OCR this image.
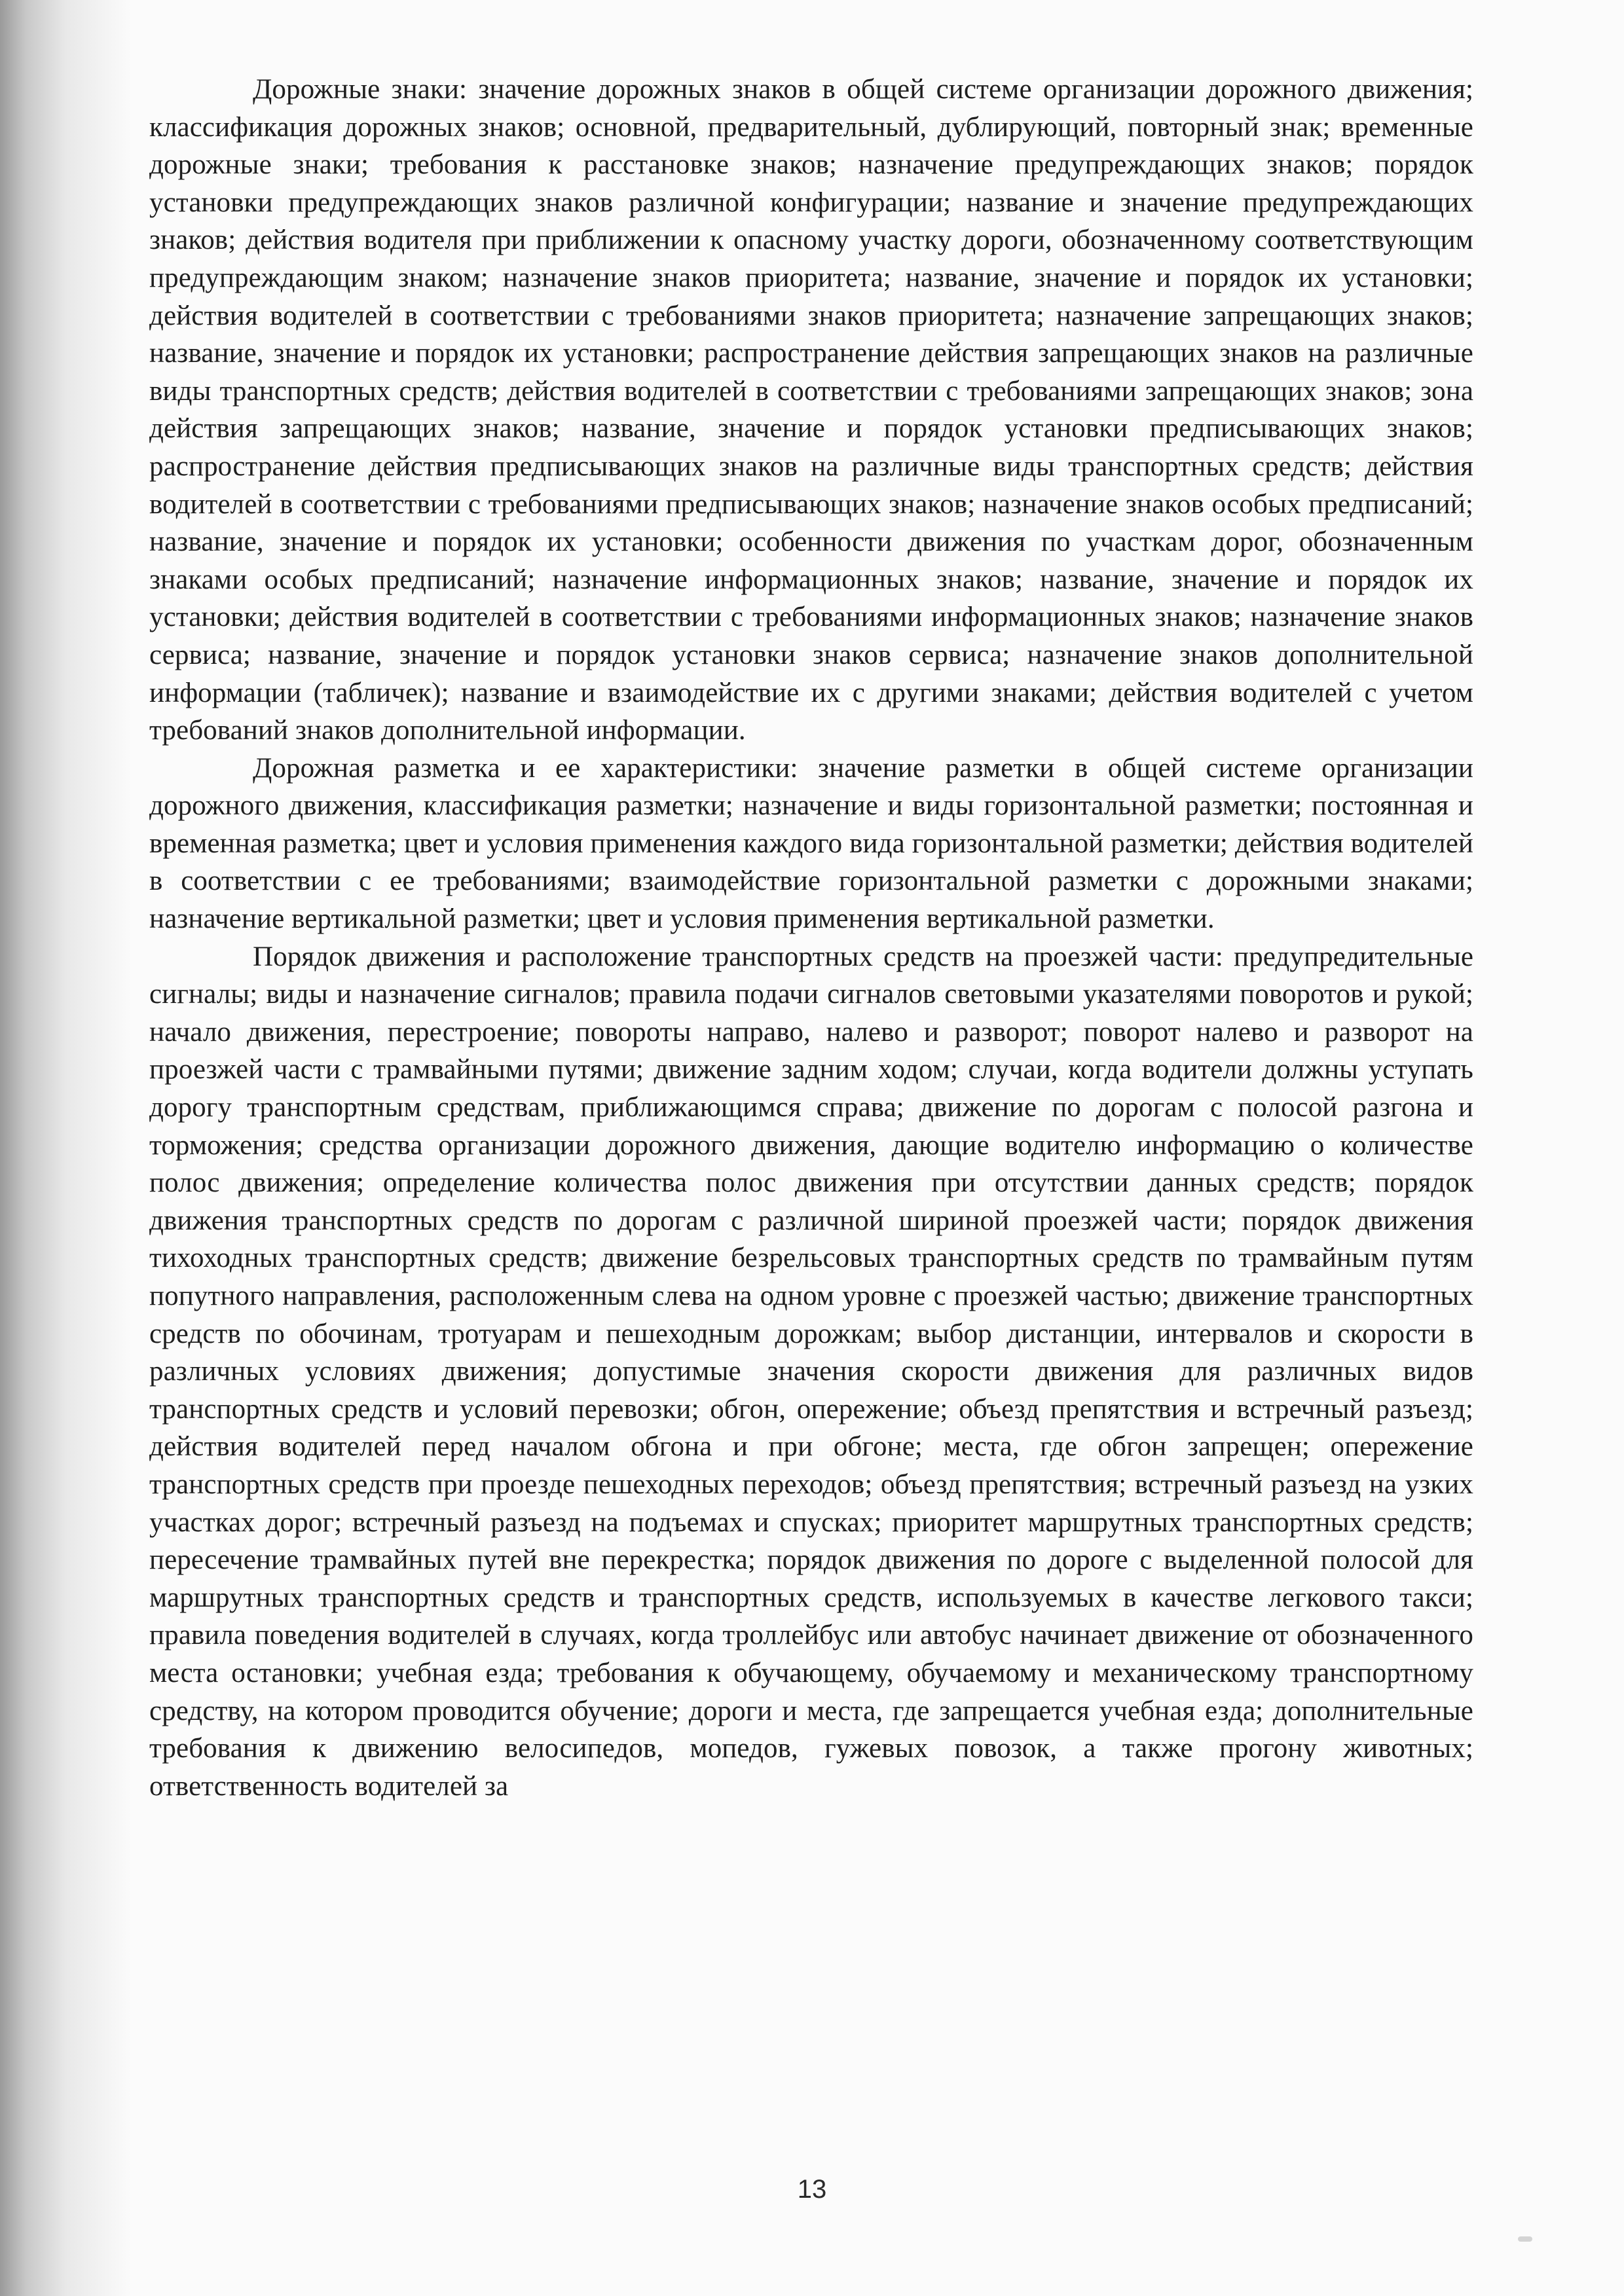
Дорожные знаки: значение дорожных знаков в общей системе организации дорожного движения; классификация дорожных знаков; основной, предварительный, дублирующий, повторный знак; временные дорожные знаки; требования к расстановке знаков; назначение предупреждающих знаков; порядок установки предупреждающих знаков различной конфигурации; название и значение предупреждающих знаков; действия водителя при приближении к опасному участку дороги, обозначенному соответствующим предупреждающим знаком; назначение знаков приоритета; название, значение и порядок их установки; действия водителей в соответствии с требованиями знаков приоритета; назначение запрещающих знаков; название, значение и порядок их установки; распространение действия запрещающих знаков на различные виды транспортных средств; действия водителей в соответствии с требованиями запрещающих знаков; зона действия запрещающих знаков; название, значение и порядок установки предписывающих знаков; распространение действия предписывающих знаков на различные виды транспортных средств; действия водителей в соответствии с требованиями предписывающих знаков; назначение знаков особых предписаний; название, значение и порядок их установки; особенности движения по участкам дорог, обозначенным знаками особых предписаний; назначение информационных знаков; название, значение и порядок их установки; действия водителей в соответствии с требованиями информационных знаков; назначение знаков сервиса; название, значение и порядок установки знаков сервиса; назначение знаков дополнительной информации (табличек); название и взаимодействие их с другими знаками; действия водителей с учетом требований знаков дополнительной информации.

Дорожная разметка и ее характеристики: значение разметки в общей системе организации дорожного движения, классификация разметки; назначение и виды горизонтальной разметки; постоянная и временная разметка; цвет и условия применения каждого вида горизонтальной разметки; действия водителей в соответствии с ее требованиями; взаимодействие горизонтальной разметки с дорожными знаками; назначение вертикальной разметки; цвет и условия применения вертикальной разметки.

Порядок движения и расположение транспортных средств на проезжей части: предупредительные сигналы; виды и назначение сигналов; правила подачи сигналов световыми указателями поворотов и рукой; начало движения, перестроение; повороты направо, налево и разворот; поворот налево и разворот на проезжей части с трамвайными путями; движение задним ходом; случаи, когда водители должны уступать дорогу транспортным средствам, приближающимся справа; движение по дорогам с полосой разгона и торможения; средства организации дорожного движения, дающие водителю информацию о количестве полос движения; определение количества полос движения при отсутствии данных средств; порядок движения транспортных средств по дорогам с различной шириной проезжей части; порядок движения тихоходных транспортных средств; движение безрельсовых транспортных средств по трамвайным путям попутного направления, расположенным слева на одном уровне с проезжей частью; движение транспортных средств по обочинам, тротуарам и пешеходным дорожкам; выбор дистанции, интервалов и скорости в различных условиях движения; допустимые значения скорости движения для различных видов транспортных средств и условий перевозки; обгон, опережение; объезд препятствия и встречный разъезд; действия водителей перед началом обгона и при обгоне; места, где обгон запрещен; опережение транспортных средств при проезде пешеходных переходов; объезд препятствия; встречный разъезд на узких участках дорог; встречный разъезд на подъемах и спусках; приоритет маршрутных транспортных средств; пересечение трамвайных путей вне перекрестка; порядок движения по дороге с выделенной полосой для маршрутных транспортных средств и транспортных средств, используемых в качестве легкового такси; правила поведения водителей в случаях, когда троллейбус или автобус начинает движение от обозначенного места остановки; учебная езда; требования к обучающему, обучаемому и механическому транспортному средству, на котором проводится обучение; дороги и места, где запрещается учебная езда; дополнительные требования к движению велосипедов, мопедов, гужевых повозок, а также прогону животных; ответственность водителей за

13
